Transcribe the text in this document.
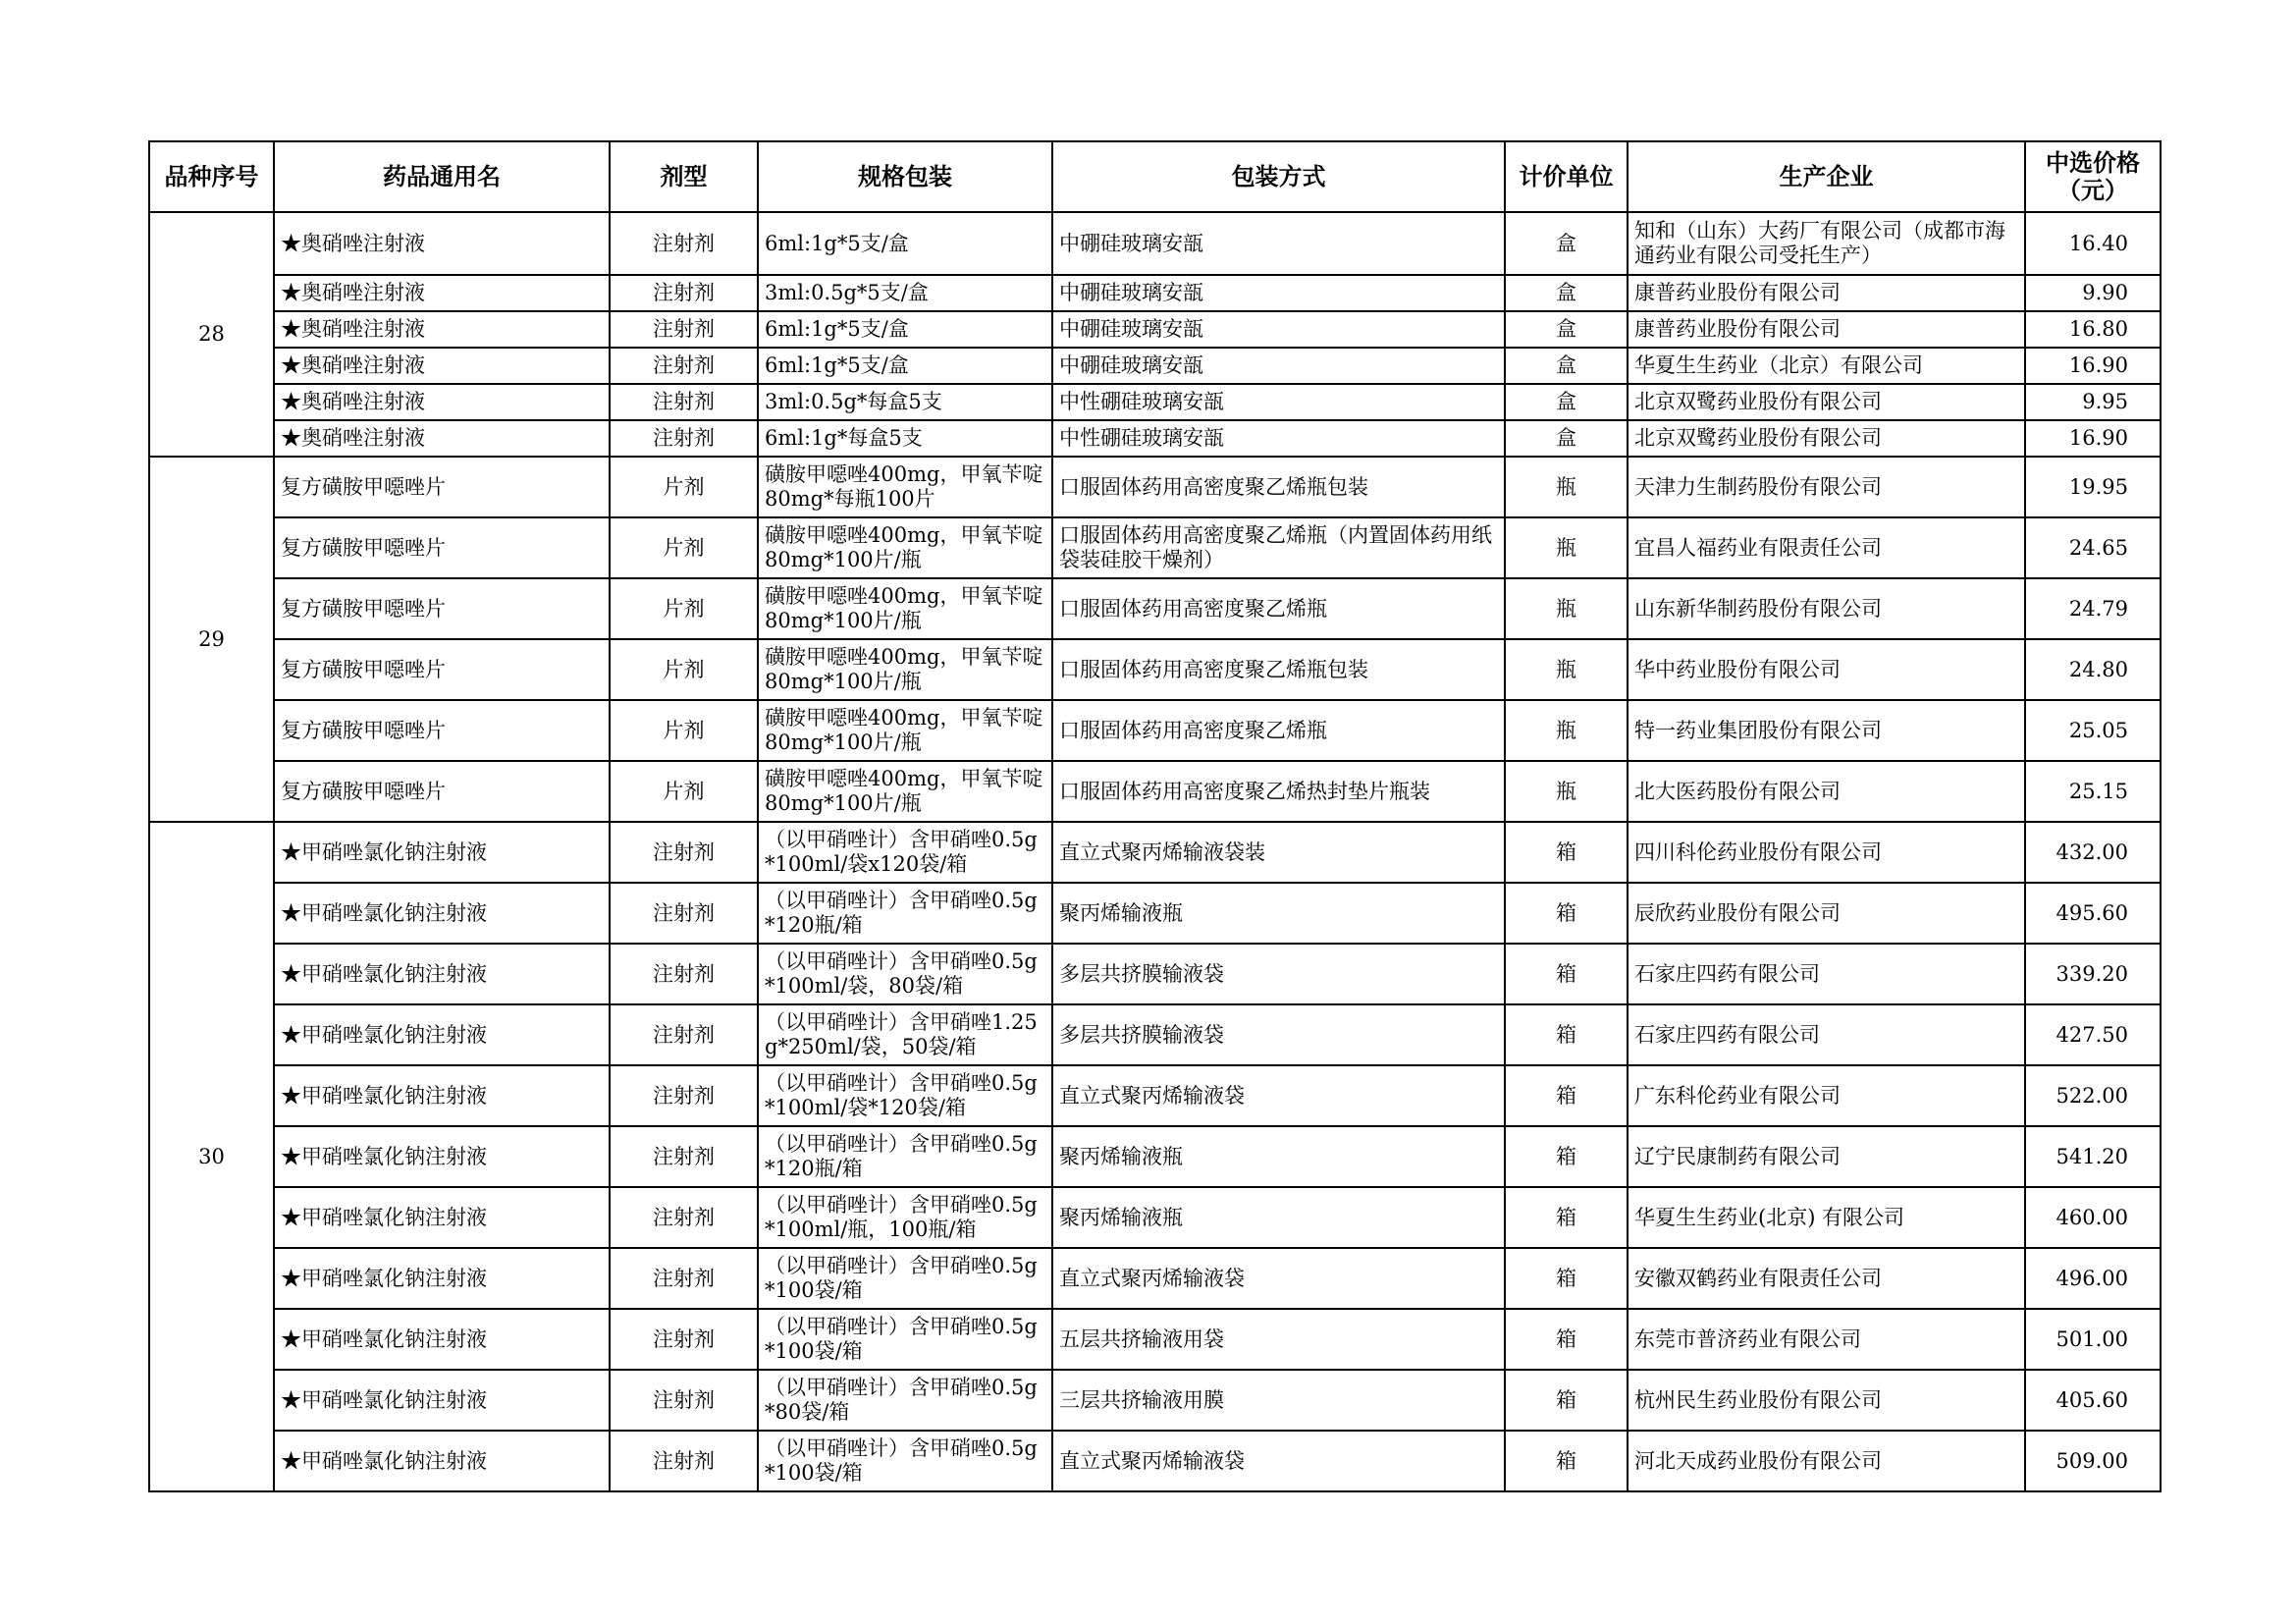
品种序号	药品通用名	剂型	规格包装	包装方式	计价单位	生产企业	中选价格（元）
28	★奥硝唑注射液	注射剂	6ml:1g*5支/盒	中硼硅玻璃安瓿	盒	知和（山东）大药厂有限公司（成都市海通药业有限公司受托生产）	16.40
	★奥硝唑注射液	注射剂	3ml:0.5g*5支/盒	中硼硅玻璃安瓿	盒	康普药业股份有限公司	9.90
	★奥硝唑注射液	注射剂	6ml:1g*5支/盒	中硼硅玻璃安瓿	盒	康普药业股份有限公司	16.80
	★奥硝唑注射液	注射剂	6ml:1g*5支/盒	中硼硅玻璃安瓿	盒	华夏生生药业（北京）有限公司	16.90
	★奥硝唑注射液	注射剂	3ml:0.5g*每盒5支	中性硼硅玻璃安瓿	盒	北京双鹭药业股份有限公司	9.95
	★奥硝唑注射液	注射剂	6ml:1g*每盒5支	中性硼硅玻璃安瓿	盒	北京双鹭药业股份有限公司	16.90
29	复方磺胺甲噁唑片	片剂	磺胺甲噁唑400mg，甲氧苄啶80mg*每瓶100片	口服固体药用高密度聚乙烯瓶包装	瓶	天津力生制药股份有限公司	19.95
	复方磺胺甲噁唑片	片剂	磺胺甲噁唑400mg，甲氧苄啶80mg*100片/瓶	口服固体药用高密度聚乙烯瓶（内置固体药用纸袋装硅胶干燥剂）	瓶	宜昌人福药业有限责任公司	24.65
	复方磺胺甲噁唑片	片剂	磺胺甲噁唑400mg，甲氧苄啶80mg*100片/瓶	口服固体药用高密度聚乙烯瓶	瓶	山东新华制药股份有限公司	24.79
	复方磺胺甲噁唑片	片剂	磺胺甲噁唑400mg，甲氧苄啶80mg*100片/瓶	口服固体药用高密度聚乙烯瓶包装	瓶	华中药业股份有限公司	24.80
	复方磺胺甲噁唑片	片剂	磺胺甲噁唑400mg，甲氧苄啶80mg*100片/瓶	口服固体药用高密度聚乙烯瓶	瓶	特一药业集团股份有限公司	25.05
	复方磺胺甲噁唑片	片剂	磺胺甲噁唑400mg，甲氧苄啶80mg*100片/瓶	口服固体药用高密度聚乙烯热封垫片瓶装	瓶	北大医药股份有限公司	25.15
30	★甲硝唑氯化钠注射液	注射剂	（以甲硝唑计）含甲硝唑0.5g*100ml/袋x120袋/箱	直立式聚丙烯输液袋装	箱	四川科伦药业股份有限公司	432.00
	★甲硝唑氯化钠注射液	注射剂	（以甲硝唑计）含甲硝唑0.5g*120瓶/箱	聚丙烯输液瓶	箱	辰欣药业股份有限公司	495.60
	★甲硝唑氯化钠注射液	注射剂	（以甲硝唑计）含甲硝唑0.5g*100ml/袋，80袋/箱	多层共挤膜输液袋	箱	石家庄四药有限公司	339.20
	★甲硝唑氯化钠注射液	注射剂	（以甲硝唑计）含甲硝唑1.25g*250ml/袋，50袋/箱	多层共挤膜输液袋	箱	石家庄四药有限公司	427.50
	★甲硝唑氯化钠注射液	注射剂	（以甲硝唑计）含甲硝唑0.5g*100ml/袋*120袋/箱	直立式聚丙烯输液袋	箱	广东科伦药业有限公司	522.00
	★甲硝唑氯化钠注射液	注射剂	（以甲硝唑计）含甲硝唑0.5g*120瓶/箱	聚丙烯输液瓶	箱	辽宁民康制药有限公司	541.20
	★甲硝唑氯化钠注射液	注射剂	（以甲硝唑计）含甲硝唑0.5g*100ml/瓶，100瓶/箱	聚丙烯输液瓶	箱	华夏生生药业(北京) 有限公司	460.00
	★甲硝唑氯化钠注射液	注射剂	（以甲硝唑计）含甲硝唑0.5g*100袋/箱	直立式聚丙烯输液袋	箱	安徽双鹤药业有限责任公司	496.00
	★甲硝唑氯化钠注射液	注射剂	（以甲硝唑计）含甲硝唑0.5g*100袋/箱	五层共挤输液用袋	箱	东莞市普济药业有限公司	501.00
	★甲硝唑氯化钠注射液	注射剂	（以甲硝唑计）含甲硝唑0.5g*80袋/箱	三层共挤输液用膜	箱	杭州民生药业股份有限公司	405.60
	★甲硝唑氯化钠注射液	注射剂	（以甲硝唑计）含甲硝唑0.5g*100袋/箱	直立式聚丙烯输液袋	箱	河北天成药业股份有限公司	509.00
